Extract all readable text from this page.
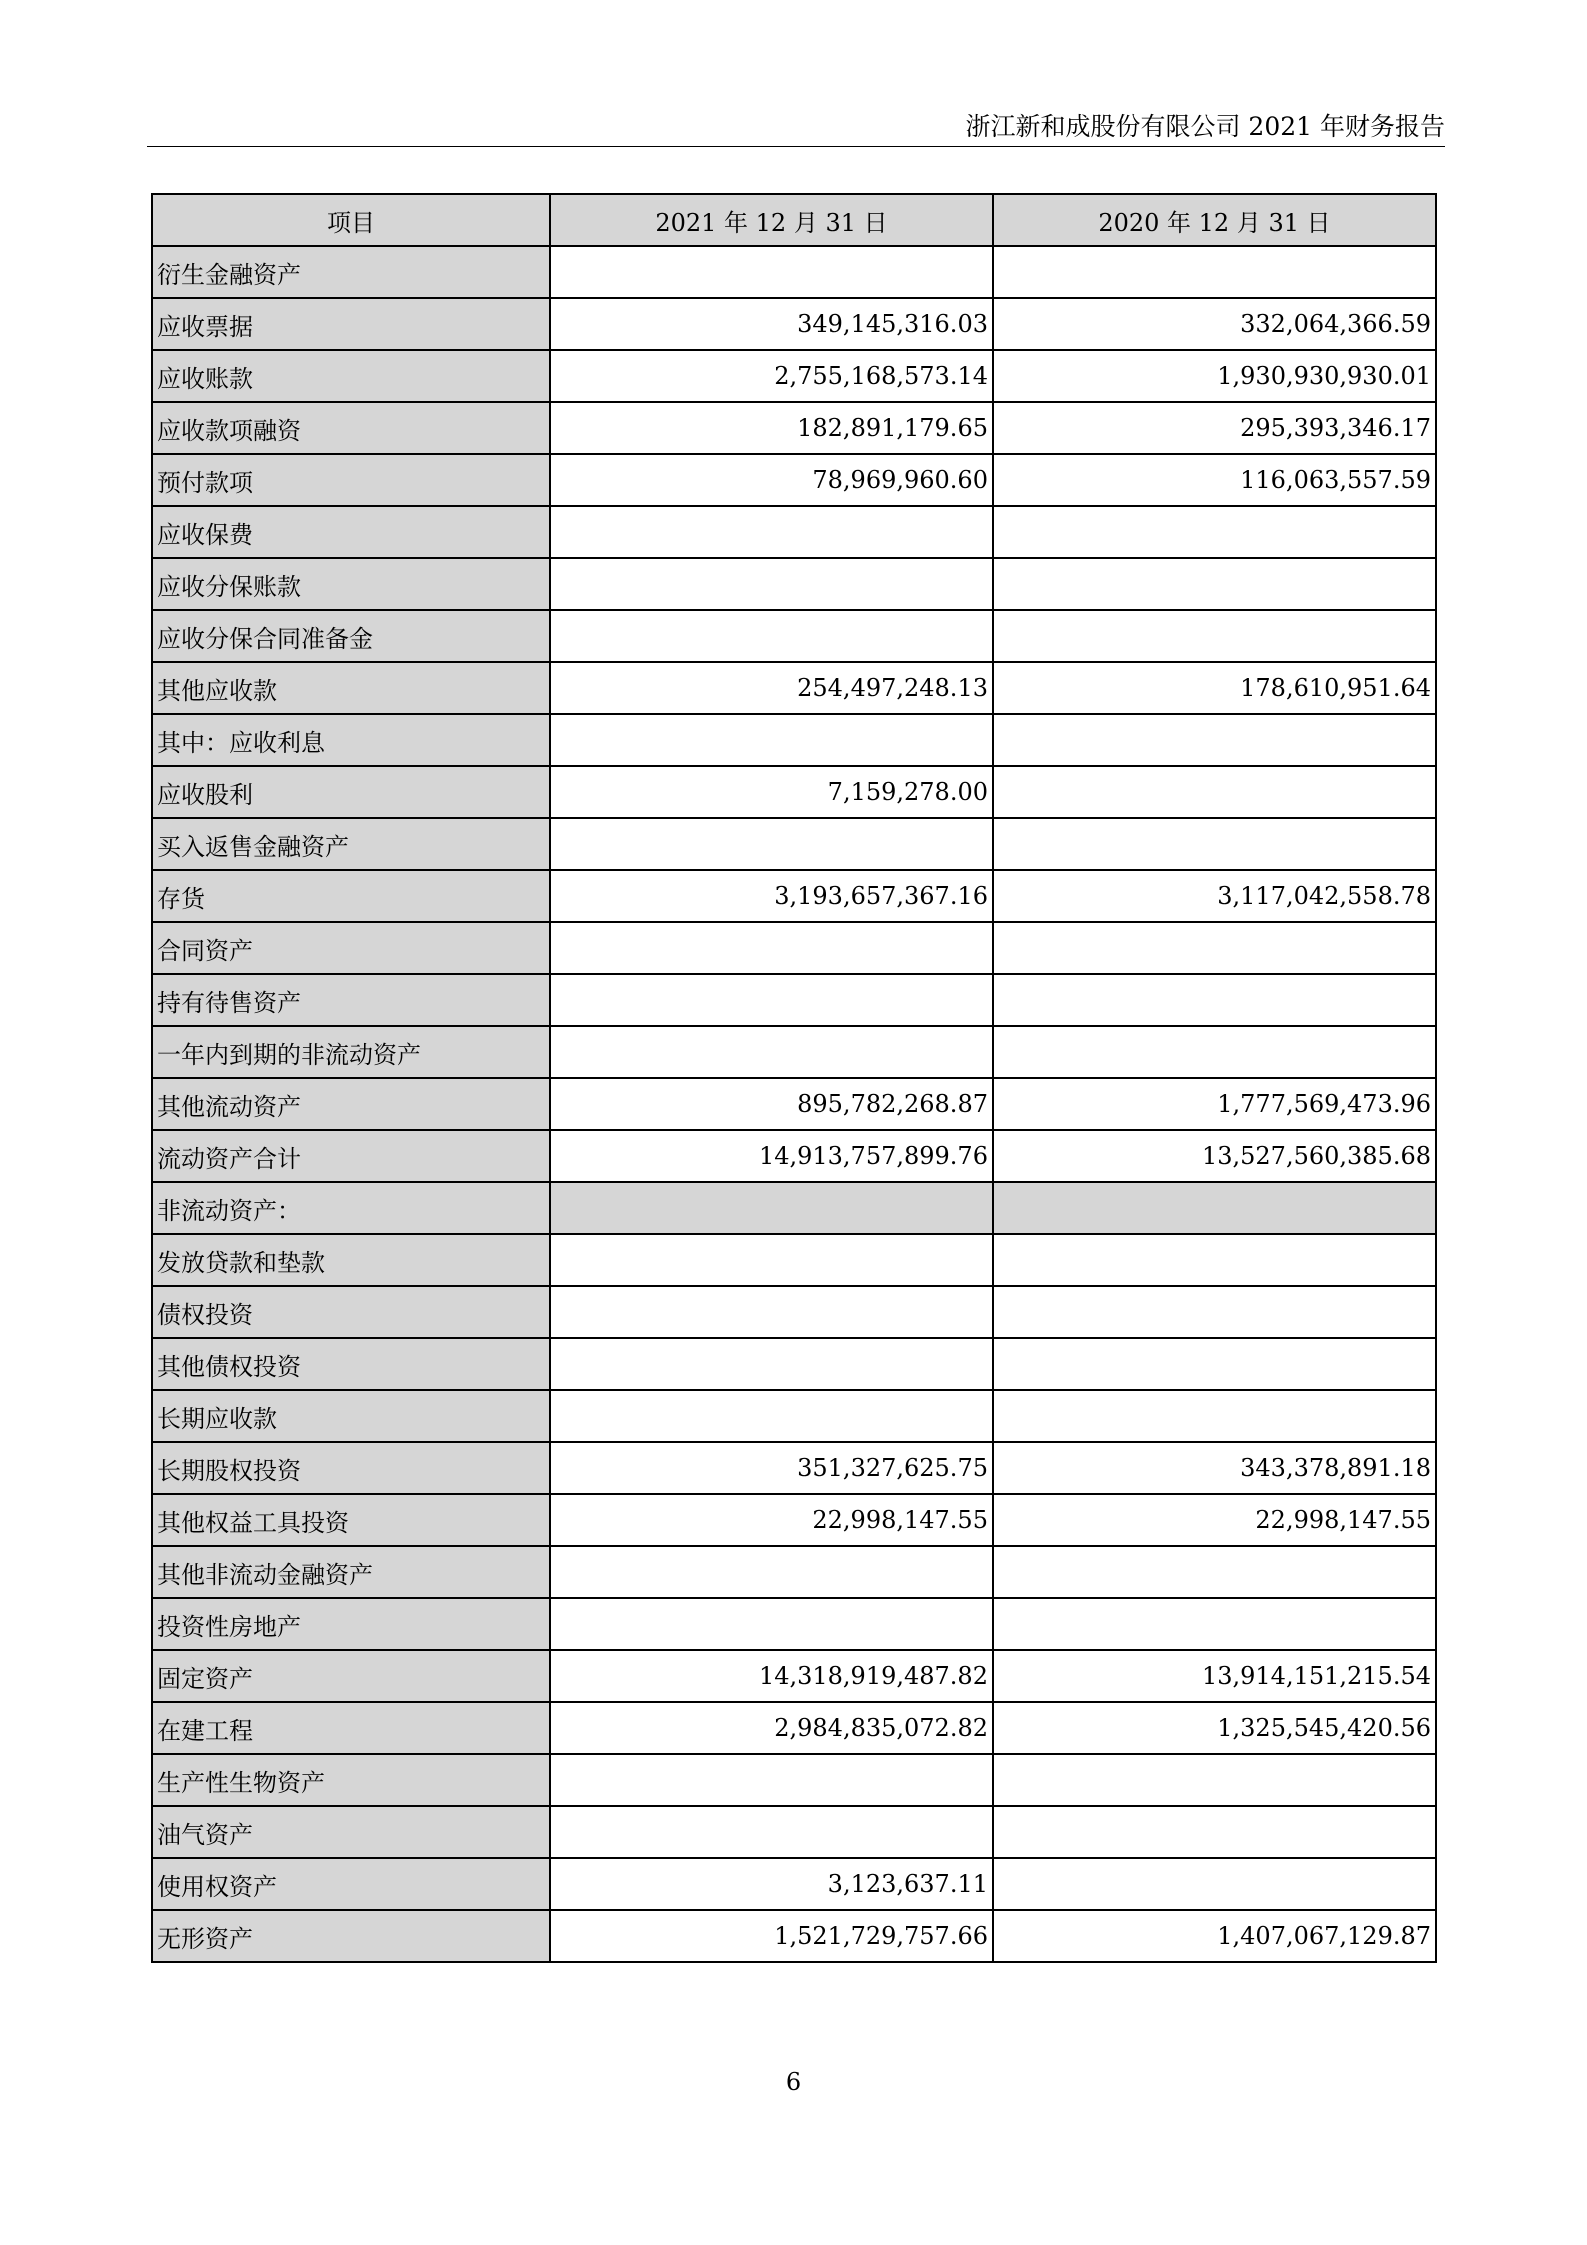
浙江新和成股份有限公司 2021 年财务报告
项目	2021 年 12 月 31 日	2020 年 12 月 31 日
衍生金融资产		
应收票据	349,145,316.03	332,064,366.59
应收账款	2,755,168,573.14	1,930,930,930.01
应收款项融资	182,891,179.65	295,393,346.17
预付款项	78,969,960.60	116,063,557.59
应收保费		
应收分保账款		
应收分保合同准备金		
其他应收款	254,497,248.13	178,610,951.64
其中：应收利息		
应收股利	7,159,278.00	
买入返售金融资产		
存货	3,193,657,367.16	3,117,042,558.78
合同资产		
持有待售资产		
一年内到期的非流动资产		
其他流动资产	895,782,268.87	1,777,569,473.96
流动资产合计	14,913,757,899.76	13,527,560,385.68
非流动资产：		
发放贷款和垫款		
债权投资		
其他债权投资		
长期应收款		
长期股权投资	351,327,625.75	343,378,891.18
其他权益工具投资	22,998,147.55	22,998,147.55
其他非流动金融资产		
投资性房地产		
固定资产	14,318,919,487.82	13,914,151,215.54
在建工程	2,984,835,072.82	1,325,545,420.56
生产性生物资产		
油气资产		
使用权资产	3,123,637.11	
无形资产	1,521,729,757.66	1,407,067,129.87
6
